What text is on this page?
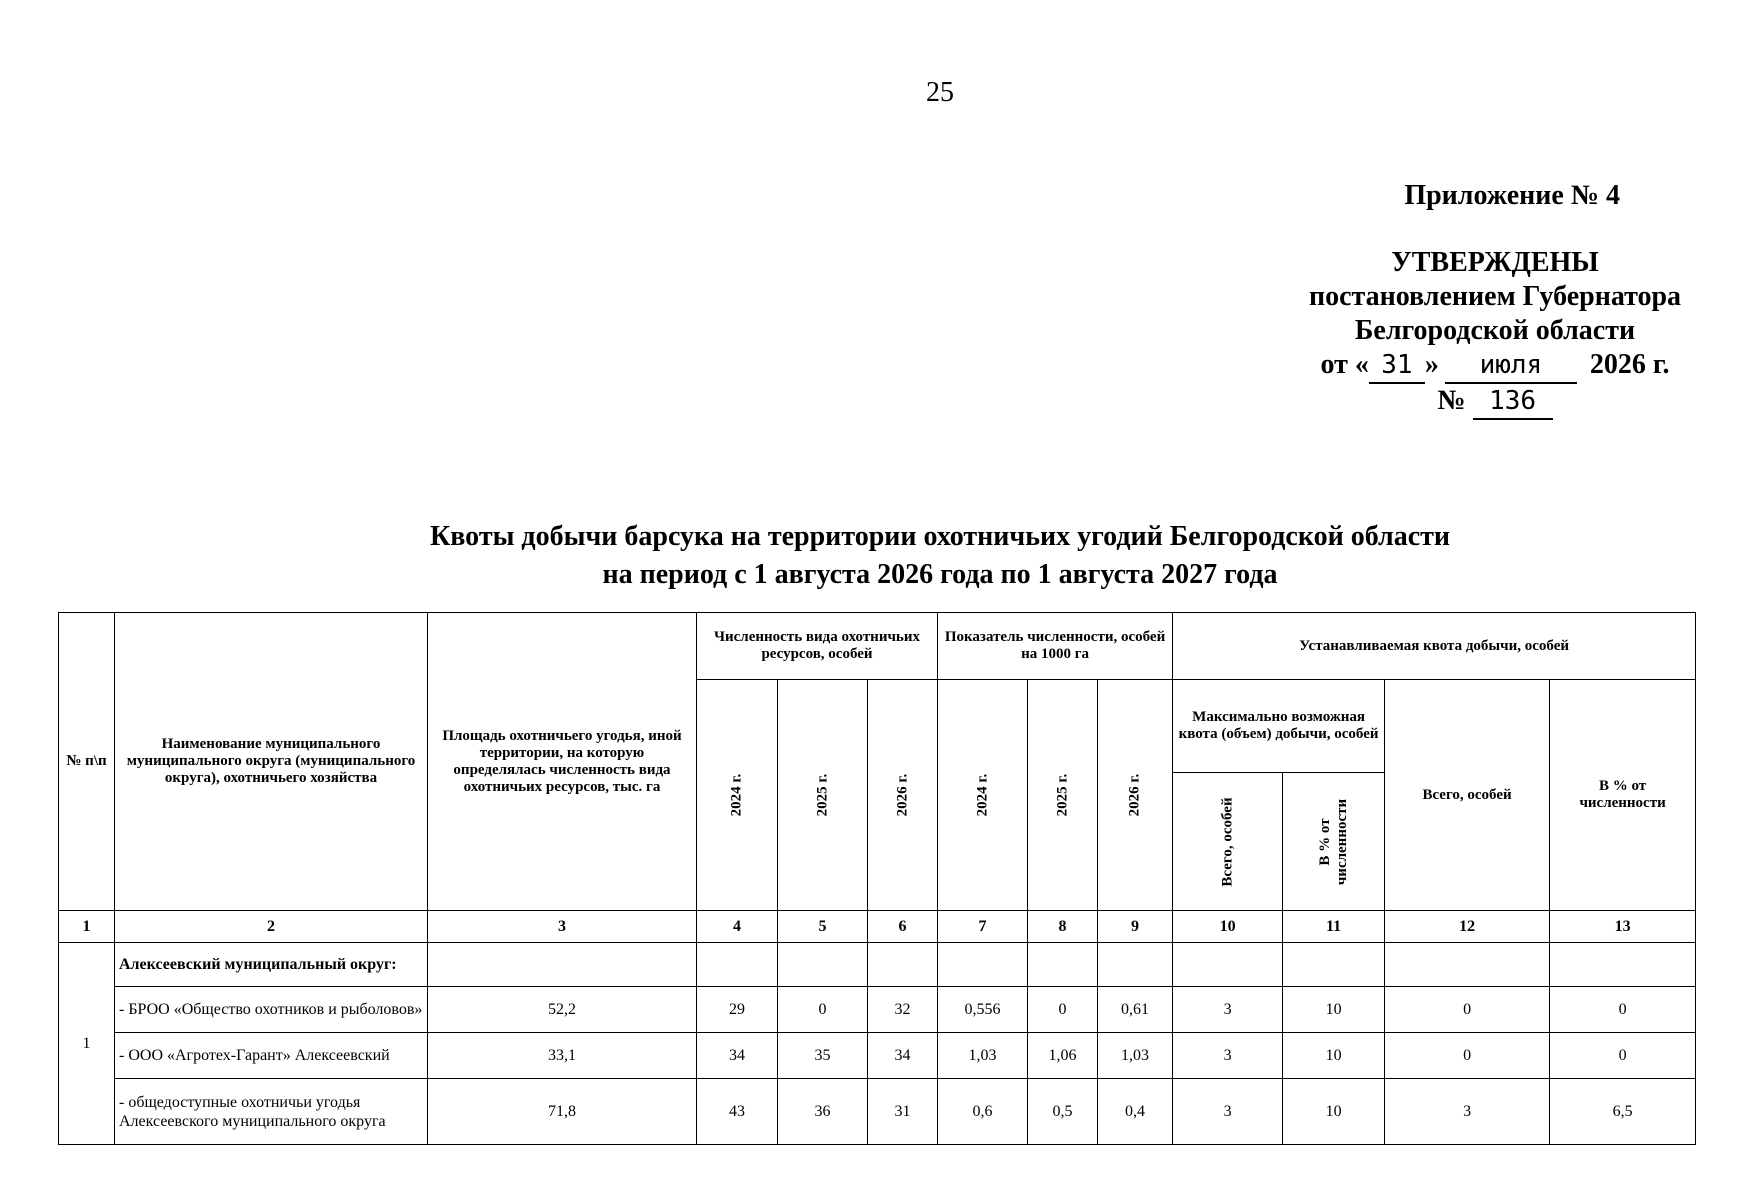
25
Приложение № 4
УТВЕРЖДЕНЫ
постановлением Губернатора
Белгородской области
от « 31 » июля 2026 г.
№ 136
Квоты добычи барсука на территории охотничьих угодий Белгородской области
на период с 1 августа 2026 года по 1 августа 2027 года
№ п\п	Наименование муниципального муниципального округа (муниципального округа), охотничьего хозяйства	Площадь охотничьего угодья, иной территории, на которую определялась численность вида охотничьих ресурсов, тыс. га	Численность вида охотничьих ресурсов, особей			Показатель численности, особей на 1000 га			Устанавливаемая квота добычи, особей			

			2024 г.	2025 г.	2026 г.	2024 г.	2025 г.	2026 г.	Максимально возможная квота (объем) добычи, особей		Всего, особей	В % от численности

									Всего, особей	В % от численности		

1	2	3	4	5	6	7	8	9	10	11	12	13
1	Алексеевский муниципальный округ:											
	- БРОО «Общество охотников и рыболовов»	52,2	29	0	32	0,556	0	0,61	3	10	0	0
	- ООО «Агротех-Гарант» Алексеевский	33,1	34	35	34	1,03	1,06	1,03	3	10	0	0
	- общедоступные охотничьи угодья Алексеевского муниципального округа	71,8	43	36	31	0,6	0,5	0,4	3	10	3	6,5
